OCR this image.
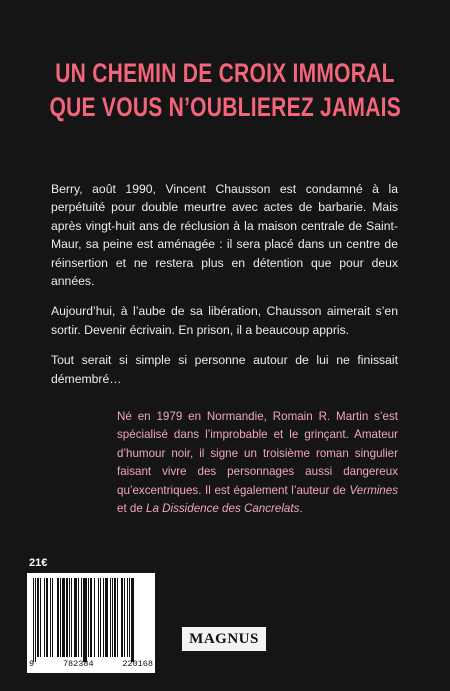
UN CHEMIN DE CROIX IMMORAL
QUE VOUS N’OUBLIEREZ JAMAIS

Berry, août 1990, Vincent Chausson est condamné à la perpétuité pour double meurtre avec actes de barbarie. Mais après vingt-huit ans de réclusion à la maison centrale de Saint-Maur, sa peine est aménagée : il sera placé dans un centre de réinsertion et ne restera plus en détention que pour deux années.

Aujourd’hui, à l’aube de sa libération, Chausson aimerait s’en sortir. Devenir écrivain. En prison, il a beaucoup appris.

Tout serait si simple si personne autour de lui ne finissait démembré…

Né en 1979 en Normandie, Romain R. Martin s’est spécialisé dans l’improbable et le grinçant. Amateur d’humour noir, il signe un troisième roman singulier faisant vivre des personnages aussi dangereux qu’excentriques. Il est également l’auteur de Vermines et de La Dissidence des Cancrelats.
21€
9	782384	220168
MAGNUS
